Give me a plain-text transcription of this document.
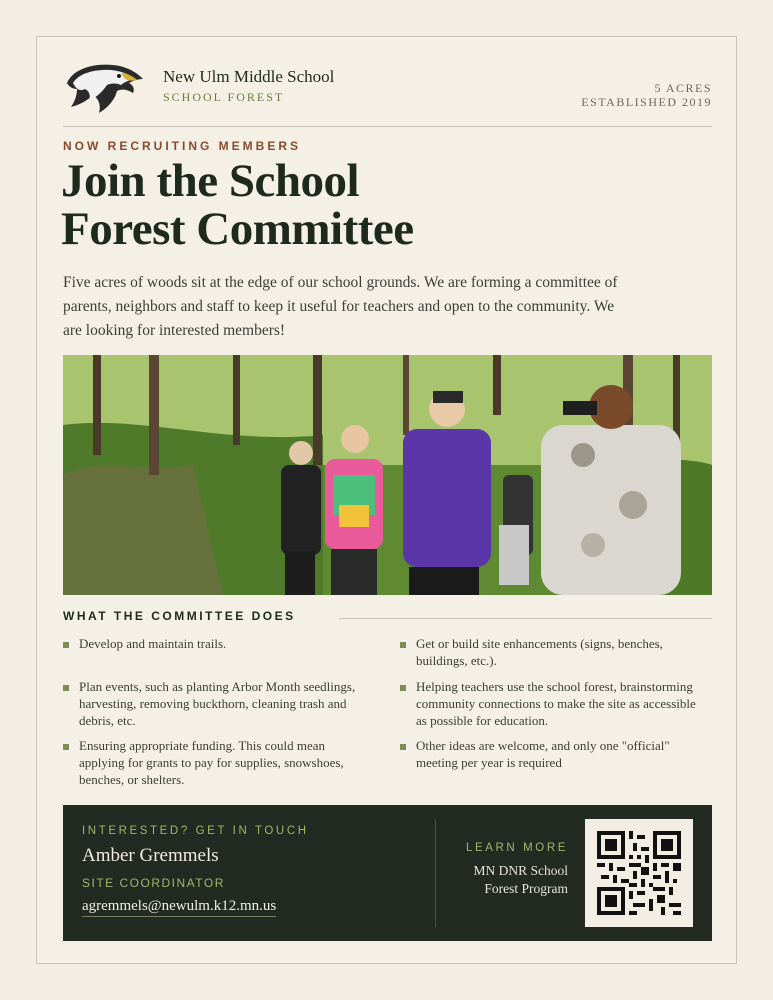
New Ulm Middle School
SCHOOL FOREST
5 ACRES
ESTABLISHED 2019
NOW RECRUITING MEMBERS
Join the School
Forest Committee

Five acres of woods sit at the edge of our school grounds. We are forming a committee of parents, neighbors and staff to keep it useful for teachers and open to the community. We are looking for interested members!

WHAT THE COMMITTEE DOES
Develop and maintain trails.
Plan events, such as planting Arbor Month seedlings, harvesting, removing buckthorn, cleaning trash and debris, etc.
Ensuring appropriate funding. This could mean applying for grants to pay for supplies, snowshoes, benches, or shelters.
Get or build site enhancements (signs, benches, buildings, etc.).
Helping teachers use the school forest, brainstorming community connections to make the site as accessible as possible for education.
Other ideas are welcome, and only one "official" meeting per year is required
INTERESTED? GET IN TOUCH
Amber Gremmels
SITE COORDINATOR
agremmels@newulm.k12.mn.us
LEARN MORE
MN DNR School
Forest Program
